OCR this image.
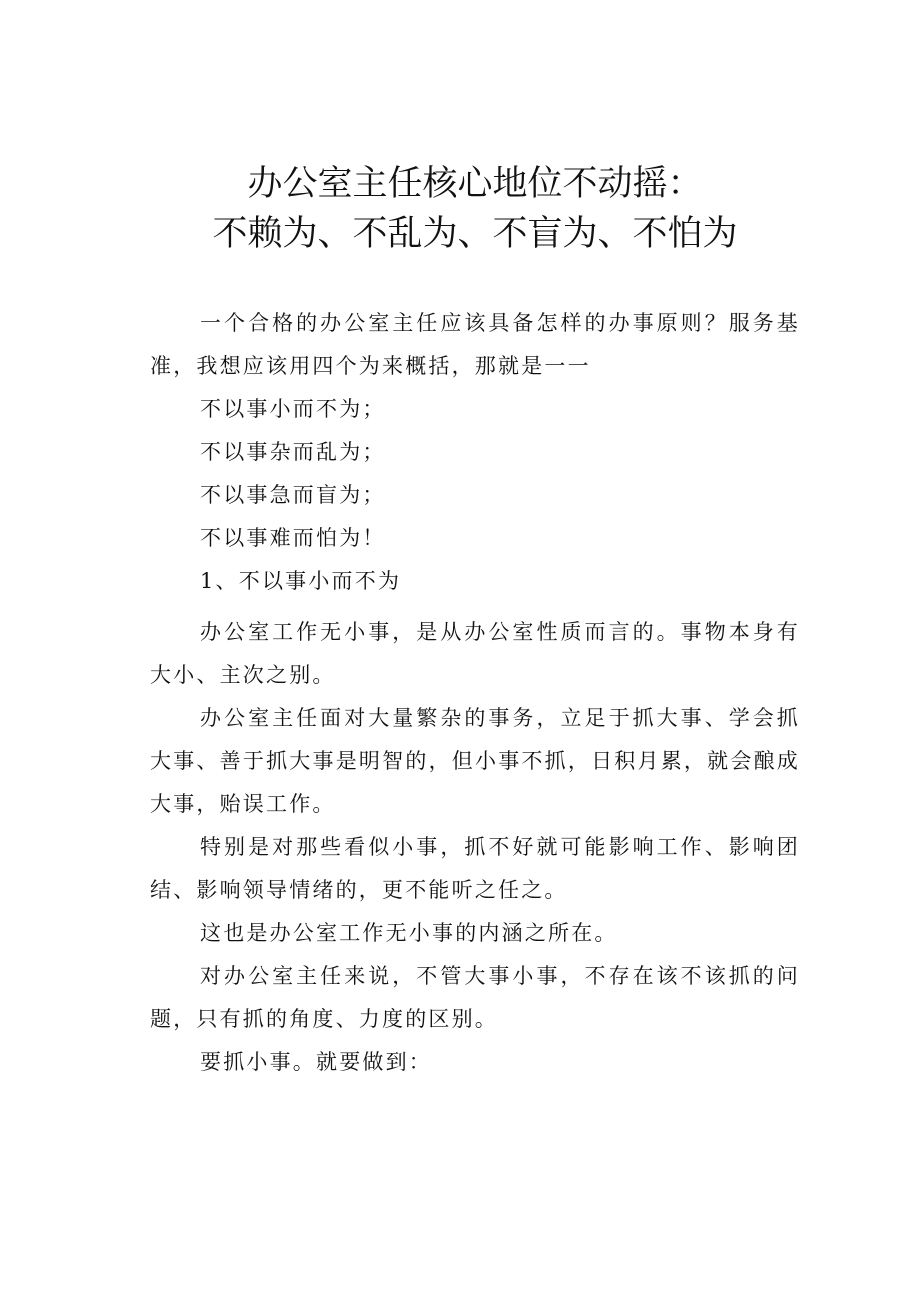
办公室主任核心地位不动摇：
不赖为、不乱为、不盲为、不怕为

一个合格的办公室主任应该具备怎样的办事原则？服务基准，我想应该用四个为来概括，那就是一一

不以事小而不为；

不以事杂而乱为；

不以事急而盲为；

不以事难而怕为！

1、不以事小而不为

办公室工作无小事，是从办公室性质而言的。事物本身有大小、主次之别。

办公室主任面对大量繁杂的事务，立足于抓大事、学会抓大事、善于抓大事是明智的，但小事不抓，日积月累，就会酿成大事，贻误工作。

特别是对那些看似小事，抓不好就可能影响工作、影响团结、影响领导情绪的，更不能听之任之。

这也是办公室工作无小事的内涵之所在。

对办公室主任来说，不管大事小事，不存在该不该抓的问题，只有抓的角度、力度的区别。

要抓小事。就要做到：
